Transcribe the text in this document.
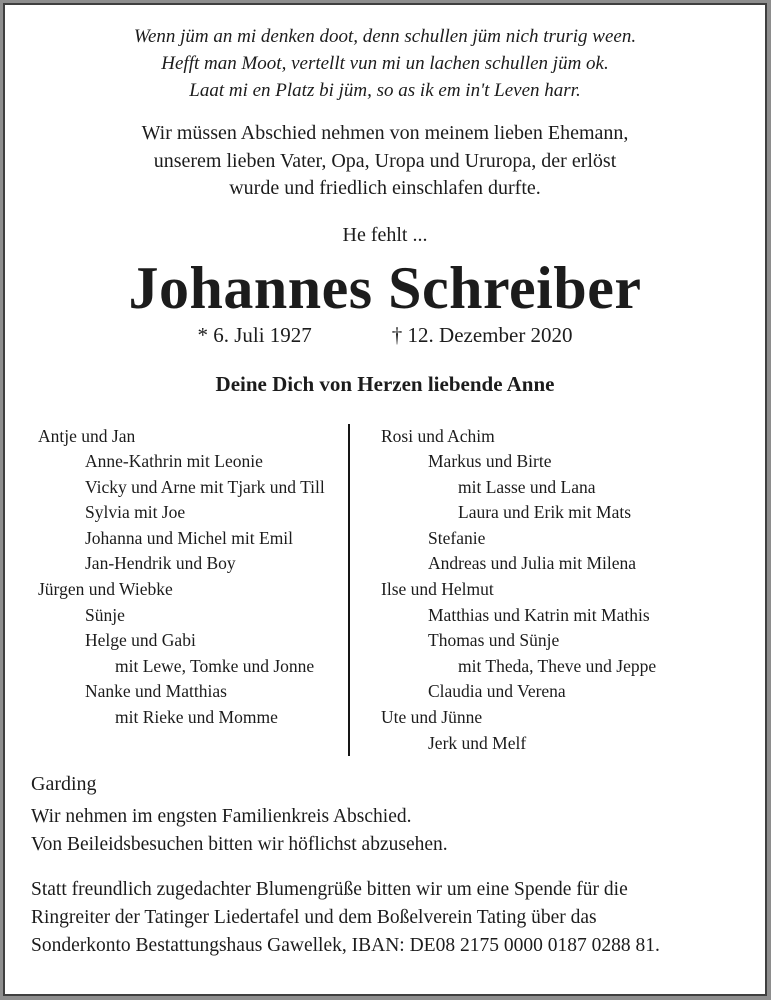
Wenn jüm an mi denken doot, denn schullen jüm nich trurig ween.
Hefft man Moot, vertellt vun mi un lachen schullen jüm ok.
Laat mi en Platz bi jüm, so as ik em in't Leven harr.
Wir müssen Abschied nehmen von meinem lieben Ehemann,
unserem lieben Vater, Opa, Uropa und Ururopa, der erlöst
wurde und friedlich einschlafen durfte.
He fehlt ...
Johannes Schreiber
* 6. Juli 1927	† 12. Dezember 2020
Deine Dich von Herzen liebende Anne
Antje und Jan
Anne-Kathrin mit Leonie
Vicky und Arne mit Tjark und Till
Sylvia mit Joe
Johanna und Michel mit Emil
Jan-Hendrik und Boy
Jürgen und Wiebke
Sünje
Helge und Gabi
mit Lewe, Tomke und Jonne
Nanke und Matthias
mit Rieke und Momme
Rosi und Achim
Markus und Birte
mit Lasse und Lana
Laura und Erik mit Mats
Stefanie
Andreas und Julia mit Milena
Ilse und Helmut
Matthias und Katrin mit Mathis
Thomas und Sünje
mit Theda, Theve und Jeppe
Claudia und Verena
Ute und Jünne
Jerk und Melf
Garding
Wir nehmen im engsten Familienkreis Abschied.
Von Beileidsbesuchen bitten wir höflichst abzusehen.
Statt freundlich zugedachter Blumengrüße bitten wir um eine Spende für die
Ringreiter der Tatinger Liedertafel und dem Boßelverein Tating über das
Sonderkonto Bestattungshaus Gawellek, IBAN: DE08 2175 0000 0187 0288 81.
